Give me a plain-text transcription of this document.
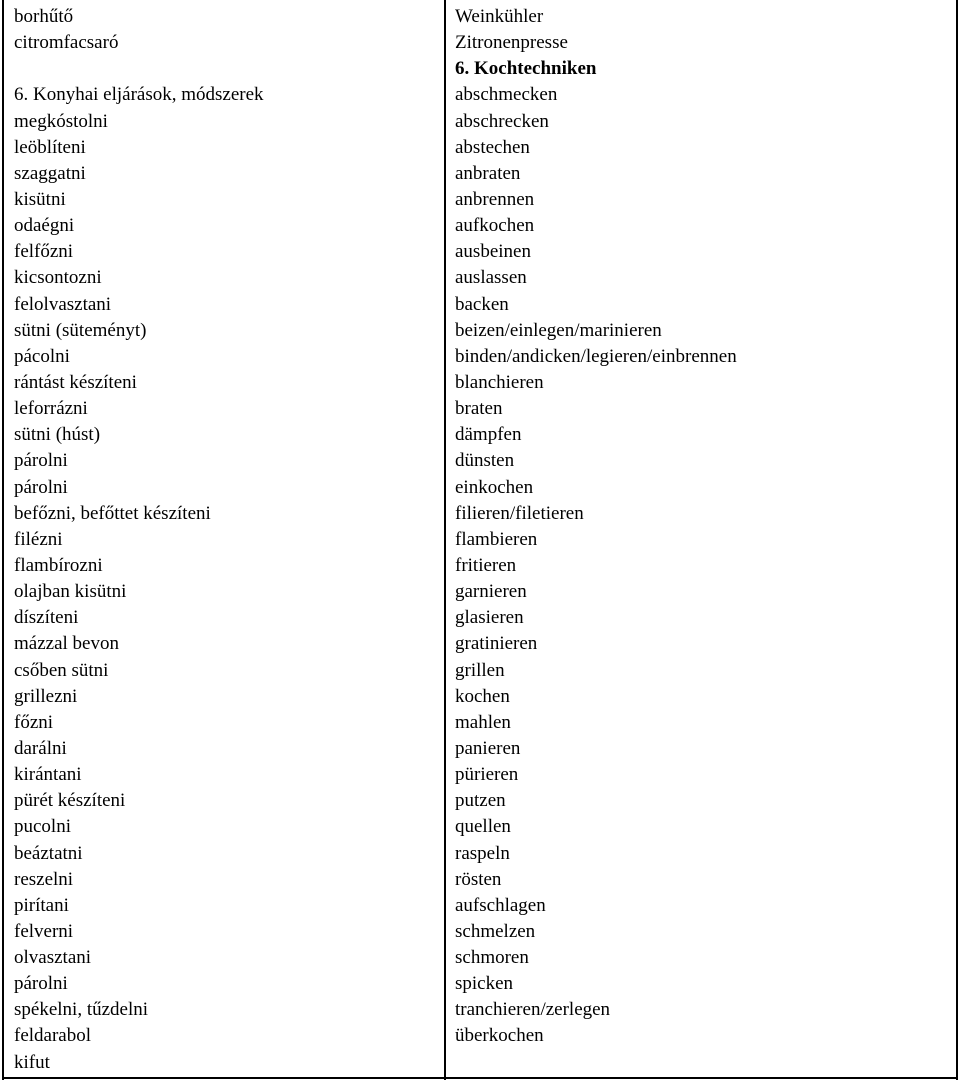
borhűtő
citromfacsaró
6. Konyhai eljárások, módszerek
megkóstolni
leöblíteni
szaggatni
kisütni
odaégni
felfőzni
kicsontozni
felolvasztani
sütni (süteményt)
pácolni
rántást készíteni
leforrázni
sütni (húst)
párolni
párolni
befőzni, befőttet készíteni
filézni
flambírozni
olajban kisütni
díszíteni
mázzal bevon
csőben sütni
grillezni
főzni
darálni
kirántani
pürét készíteni
pucolni
beáztatni
reszelni
pirítani
felverni
olvasztani
párolni
spékelni, tűzdelni
feldarabol
kifut
Weinkühler
Zitronenpresse
6. Kochtechniken
abschmecken
abschrecken
abstechen
anbraten
anbrennen
aufkochen
ausbeinen
auslassen
backen
beizen/einlegen/marinieren
binden/andicken/legieren/einbrennen
blanchieren
braten
dämpfen
dünsten
einkochen
filieren/filetieren
flambieren
fritieren
garnieren
glasieren
gratinieren
grillen
kochen
mahlen
panieren
pürieren
putzen
quellen
raspeln
rösten
aufschlagen
schmelzen
schmoren
spicken
tranchieren/zerlegen
überkochen
